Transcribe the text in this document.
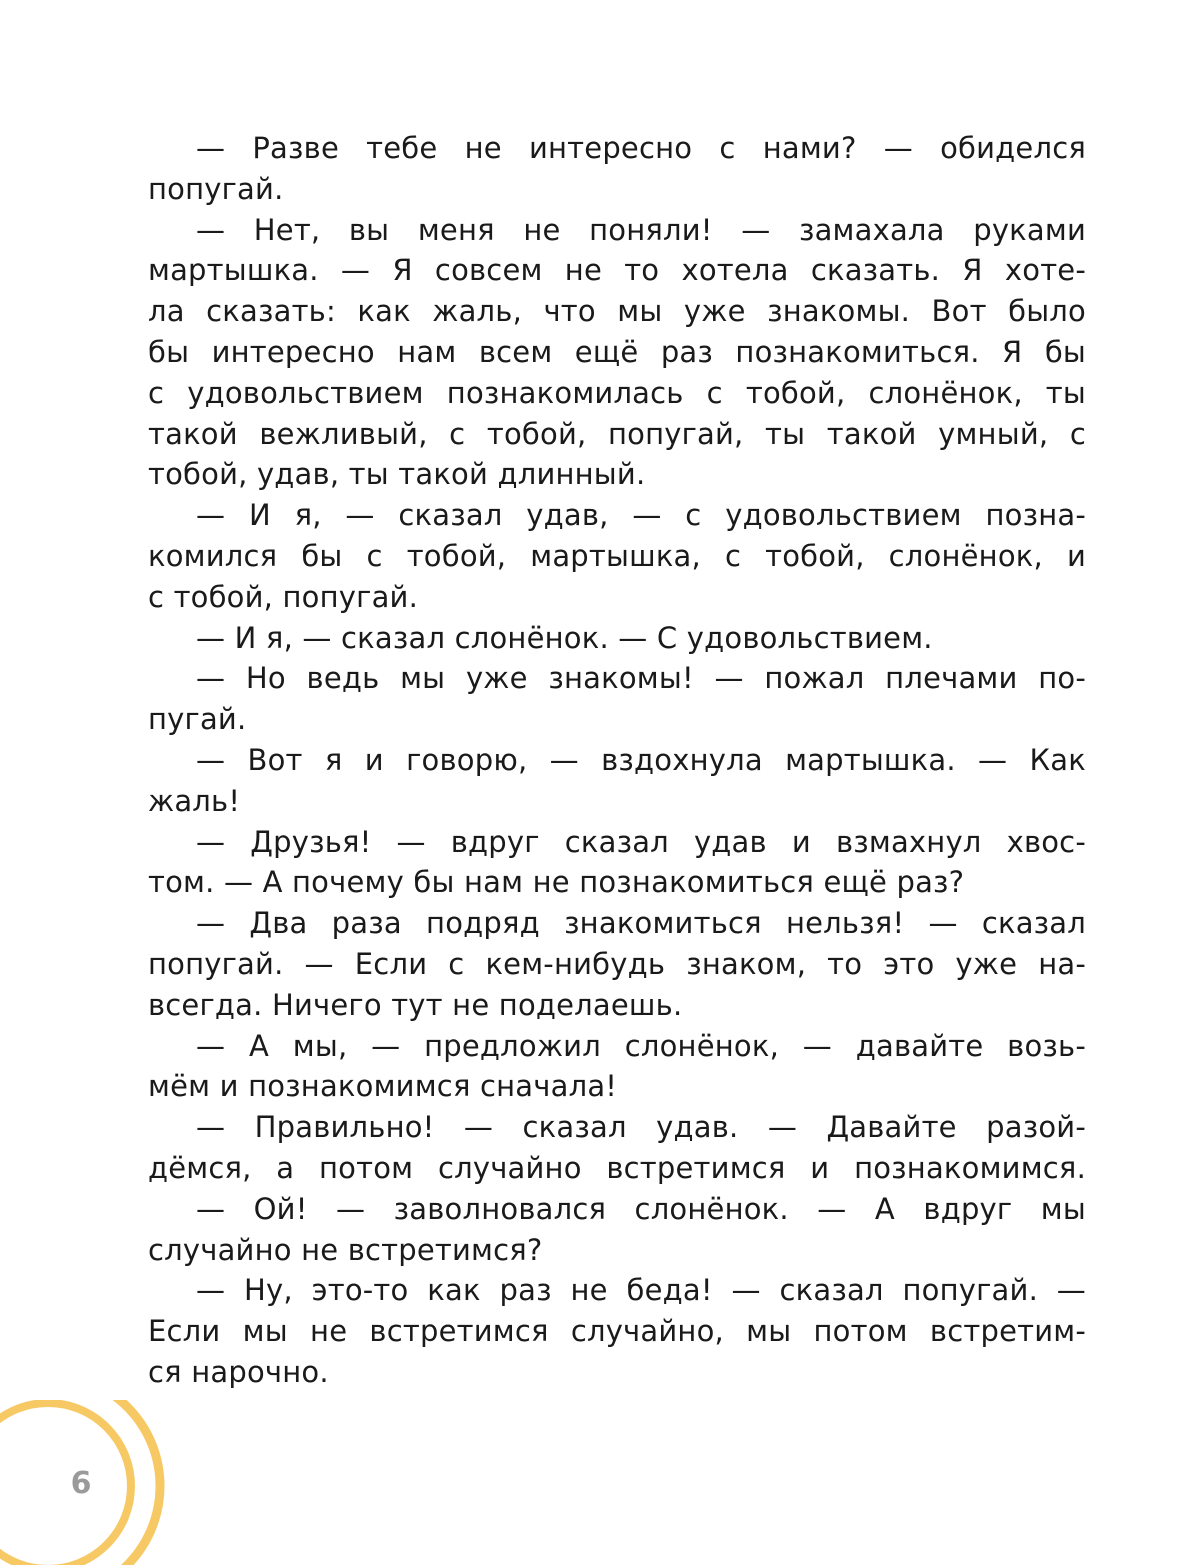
— Разве тебе не интересно с нами? — обиделся
попугай.
— Нет, вы меня не поняли! — замахала руками
мартышка. — Я совсем не то хотела сказать. Я хоте-
ла сказать: как жаль, что мы уже знакомы. Вот было
бы интересно нам всем ещё раз познакомиться. Я бы
с удовольствием познакомилась с тобой, слонёнок, ты
такой вежливый, с тобой, попугай, ты такой умный, с
тобой, удав, ты такой длинный.
— И я, — сказал удав, — с удовольствием позна-
комился бы с тобой, мартышка, с тобой, слонёнок, и
с тобой, попугай.
— И я, — сказал слонёнок. — С удовольствием.
— Но ведь мы уже знакомы! — пожал плечами по-
пугай.
— Вот я и говорю, — вздохнула мартышка. — Как
жаль!
— Друзья! — вдруг сказал удав и взмахнул хвос-
том. — А почему бы нам не познакомиться ещё раз?
— Два раза подряд знакомиться нельзя! — сказал
попугай. — Если с кем-нибудь знаком, то это уже на-
всегда. Ничего тут не поделаешь.
— А мы, — предложил слонёнок, — давайте возь-
мём и познакомимся сначала!
— Правильно! — сказал удав. — Давайте разой-
дёмся, а потом случайно встретимся и познакомимся.
— Ой! — заволновался слонёнок. — А вдруг мы
случайно не встретимся?
— Ну, это-то как раз не беда! — сказал попугай. —
Если мы не встретимся случайно, мы потом встретим-
ся нарочно.
6
